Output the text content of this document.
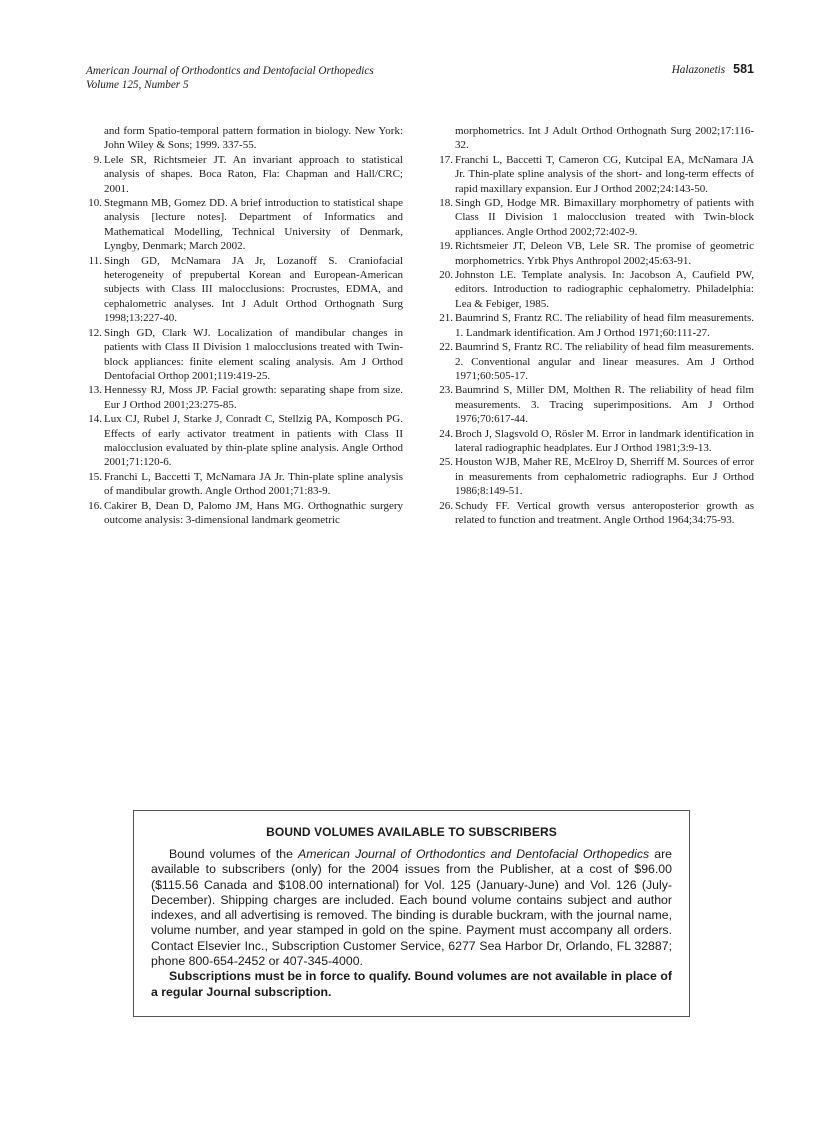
American Journal of Orthodontics and Dentofacial Orthopedics
Volume 125, Number 5
Halazonetis 581

and form Spatio-temporal pattern formation in biology. New York: John Wiley & Sons; 1999. 337-55.

9. Lele SR, Richtsmeier JT. An invariant approach to statistical analysis of shapes. Boca Raton, Fla: Chapman and Hall/CRC; 2001.

10. Stegmann MB, Gomez DD. A brief introduction to statistical shape analysis [lecture notes]. Department of Informatics and Mathematical Modelling, Technical University of Denmark, Lyngby, Denmark; March 2002.

11. Singh GD, McNamara JA Jr, Lozanoff S. Craniofacial heterogeneity of prepubertal Korean and European-American subjects with Class III malocclusions: Procrustes, EDMA, and cephalometric analyses. Int J Adult Orthod Orthognath Surg 1998;13:227-40.

12. Singh GD, Clark WJ. Localization of mandibular changes in patients with Class II Division 1 malocclusions treated with Twin-block appliances: finite element scaling analysis. Am J Orthod Dentofacial Orthop 2001;119:419-25.

13. Hennessy RJ, Moss JP. Facial growth: separating shape from size. Eur J Orthod 2001;23:275-85.

14. Lux CJ, Rubel J, Starke J, Conradt C, Stellzig PA, Komposch PG. Effects of early activator treatment in patients with Class II malocclusion evaluated by thin-plate spline analysis. Angle Orthod 2001;71:120-6.

15. Franchi L, Baccetti T, McNamara JA Jr. Thin-plate spline analysis of mandibular growth. Angle Orthod 2001;71:83-9.

16. Cakirer B, Dean D, Palomo JM, Hans MG. Orthognathic surgery outcome analysis: 3-dimensional landmark geometric

morphometrics. Int J Adult Orthod Orthognath Surg 2002;17:116-32.

17. Franchi L, Baccetti T, Cameron CG, Kutcipal EA, McNamara JA Jr. Thin-plate spline analysis of the short- and long-term effects of rapid maxillary expansion. Eur J Orthod 2002;24:143-50.

18. Singh GD, Hodge MR. Bimaxillary morphometry of patients with Class II Division 1 malocclusion treated with Twin-block appliances. Angle Orthod 2002;72:402-9.

19. Richtsmeier JT, Deleon VB, Lele SR. The promise of geometric morphometrics. Yrbk Phys Anthropol 2002;45:63-91.

20. Johnston LE. Template analysis. In: Jacobson A, Caufield PW, editors. Introduction to radiographic cephalometry. Philadelphia: Lea & Febiger, 1985.

21. Baumrind S, Frantz RC. The reliability of head film measurements. 1. Landmark identification. Am J Orthod 1971;60:111-27.

22. Baumrind S, Frantz RC. The reliability of head film measurements. 2. Conventional angular and linear measures. Am J Orthod 1971;60:505-17.

23. Baumrind S, Miller DM, Molthen R. The reliability of head film measurements. 3. Tracing superimpositions. Am J Orthod 1976;70:617-44.

24. Broch J, Slagsvold O, Rösler M. Error in landmark identification in lateral radiographic headplates. Eur J Orthod 1981;3:9-13.

25. Houston WJB, Maher RE, McElroy D, Sherriff M. Sources of error in measurements from cephalometric radiographs. Eur J Orthod 1986;8:149-51.

26. Schudy FF. Vertical growth versus anteroposterior growth as related to function and treatment. Angle Orthod 1964;34:75-93.

BOUND VOLUMES AVAILABLE TO SUBSCRIBERS

Bound volumes of the American Journal of Orthodontics and Dentofacial Orthopedics are available to subscribers (only) for the 2004 issues from the Publisher, at a cost of $96.00 ($115.56 Canada and $108.00 international) for Vol. 125 (January-June) and Vol. 126 (July-December). Shipping charges are included. Each bound volume contains subject and author indexes, and all advertising is removed. The binding is durable buckram, with the journal name, volume number, and year stamped in gold on the spine. Payment must accompany all orders. Contact Elsevier Inc., Subscription Customer Service, 6277 Sea Harbor Dr, Orlando, FL 32887; phone 800-654-2452 or 407-345-4000.

Subscriptions must be in force to qualify. Bound volumes are not available in place of a regular Journal subscription.
